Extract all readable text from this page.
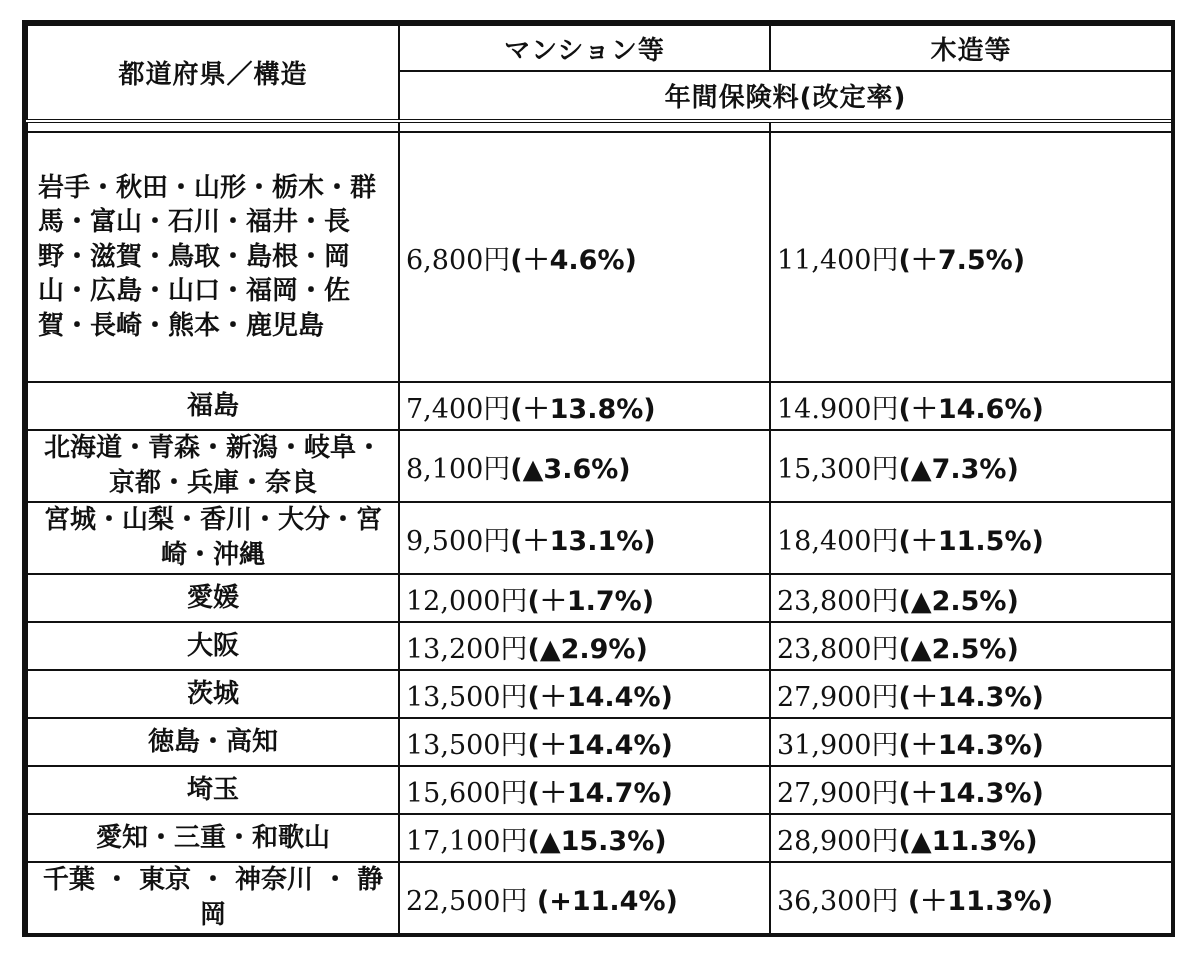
都道府県／構造	マンション等	木造等
	年間保険料(改定率)	

岩手・秋田・山形・栃木・群馬・富山・石川・福井・長野・滋賀・鳥取・島根・岡山・広島・山口・福岡・佐賀・長崎・熊本・鹿児島	6,800円(＋4.6%)	11,400円(＋7.5%)
福島	7,400円(＋13.8%)	14.900円(＋14.6%)
北海道・青森・新潟・岐阜・京都・兵庫・奈良	8,100円(▲3.6%)	15,300円(▲7.3%)
宮城・山梨・香川・大分・宮崎・沖縄	9,500円(＋13.1%)	18,400円(＋11.5%)
愛媛	12,000円(＋1.7%)	23,800円(▲2.5%)
大阪	13,200円(▲2.9%)	23,800円(▲2.5%)
茨城	13,500円(＋14.4%)	27,900円(＋14.3%)
徳島・高知	13,500円(＋14.4%)	31,900円(＋14.3%)
埼玉	15,600円(＋14.7%)	27,900円(＋14.3%)
愛知・三重・和歌山	17,100円(▲15.3%)	28,900円(▲11.3%)
千葉 ・ 東京 ・ 神奈川 ・ 静岡	22,500円 (+11.4%)	36,300円 (＋11.3%)
